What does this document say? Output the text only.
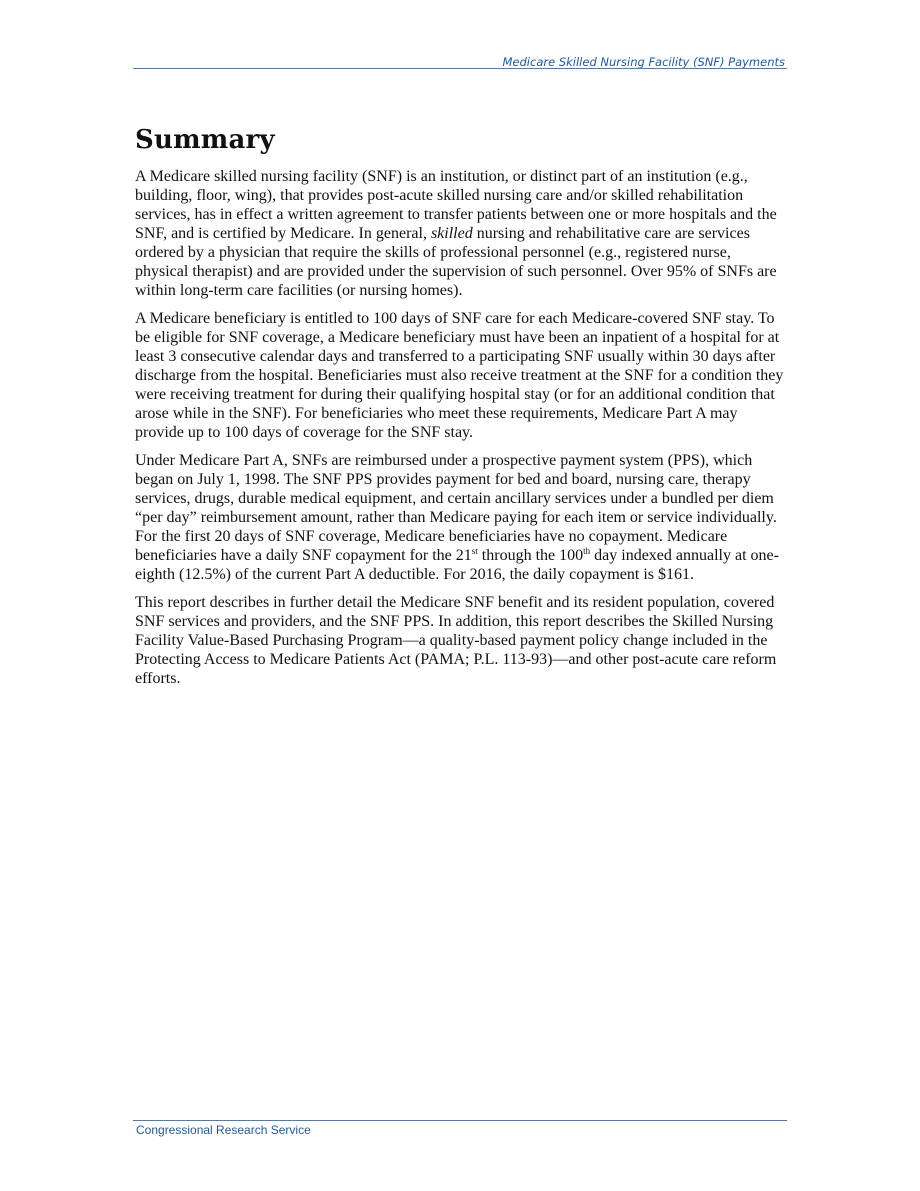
Medicare Skilled Nursing Facility (SNF) Payments
Summary

A Medicare skilled nursing facility (SNF) is an institution, or distinct part of an institution (e.g., building, floor, wing), that provides post-acute skilled nursing care and/or skilled rehabilitation services, has in effect a written agreement to transfer patients between one or more hospitals and the SNF, and is certified by Medicare. In general, skilled nursing and rehabilitative care are services ordered by a physician that require the skills of professional personnel (e.g., registered nurse, physical therapist) and are provided under the supervision of such personnel. Over 95% of SNFs are within long-term care facilities (or nursing homes).

A Medicare beneficiary is entitled to 100 days of SNF care for each Medicare-covered SNF stay. To be eligible for SNF coverage, a Medicare beneficiary must have been an inpatient of a hospital for at least 3 consecutive calendar days and transferred to a participating SNF usually within 30 days after discharge from the hospital. Beneficiaries must also receive treatment at the SNF for a condition they were receiving treatment for during their qualifying hospital stay (or for an additional condition that arose while in the SNF). For beneficiaries who meet these requirements, Medicare Part A may provide up to 100 days of coverage for the SNF stay.

Under Medicare Part A, SNFs are reimbursed under a prospective payment system (PPS), which began on July 1, 1998. The SNF PPS provides payment for bed and board, nursing care, therapy services, drugs, durable medical equipment, and certain ancillary services under a bundled per diem “per day” reimbursement amount, rather than Medicare paying for each item or service individually. For the first 20 days of SNF coverage, Medicare beneficiaries have no copayment. Medicare beneficiaries have a daily SNF copayment for the 21st through the 100th day indexed annually at one-eighth (12.5%) of the current Part A deductible. For 2016, the daily copayment is $161.

This report describes in further detail the Medicare SNF benefit and its resident population, covered SNF services and providers, and the SNF PPS. In addition, this report describes the Skilled Nursing Facility Value-Based Purchasing Program—a quality-based payment policy change included in the Protecting Access to Medicare Patients Act (PAMA; P.L. 113-93)—and other post-acute care reform efforts.

Congressional Research Service
